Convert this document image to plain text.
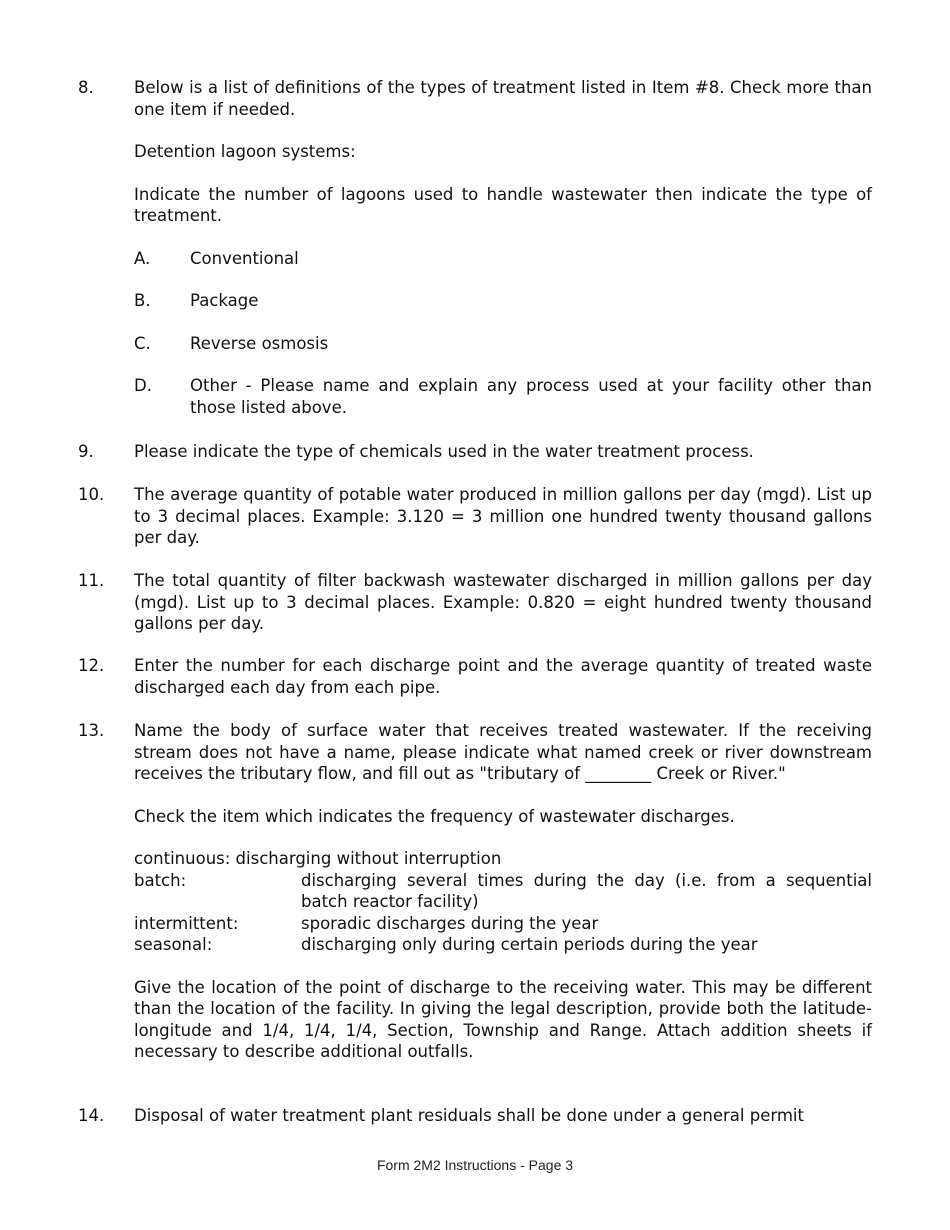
8. Below is a list of definitions of the types of treatment listed in Item #8. Check more than one item if needed.

Detention lagoon systems:

Indicate the number of lagoons used to handle wastewater then indicate the type of treatment.

A. Conventional

B. Package

C. Reverse osmosis

D. Other - Please name and explain any process used at your facility other than those listed above.

9. Please indicate the type of chemicals used in the water treatment process.

10. The average quantity of potable water produced in million gallons per day (mgd). List up to 3 decimal places. Example: 3.120 = 3 million one hundred twenty thousand gallons per day.

11. The total quantity of filter backwash wastewater discharged in million gallons per day (mgd). List up to 3 decimal places. Example: 0.820 = eight hundred twenty thousand gallons per day.

12. Enter the number for each discharge point and the average quantity of treated waste discharged each day from each pipe.

13. Name the body of surface water that receives treated wastewater. If the receiving stream does not have a name, please indicate what named creek or river downstream receives the tributary flow, and fill out as "tributary of ________ Creek or River."

Check the item which indicates the frequency of wastewater discharges.

continuous: discharging without interruption

batch:	discharging several times during the day (i.e. from a sequential batch reactor facility)

intermittent:	sporadic discharges during the year

seasonal:	discharging only during certain periods during the year

Give the location of the point of discharge to the receiving water. This may be different than the location of the facility. In giving the legal description, provide both the latitude-longitude and 1/4, 1/4, 1/4, Section, Township and Range. Attach addition sheets if necessary to describe additional outfalls.

14. Disposal of water treatment plant residuals shall be done under a general permit

Form 2M2 Instructions - Page 3
